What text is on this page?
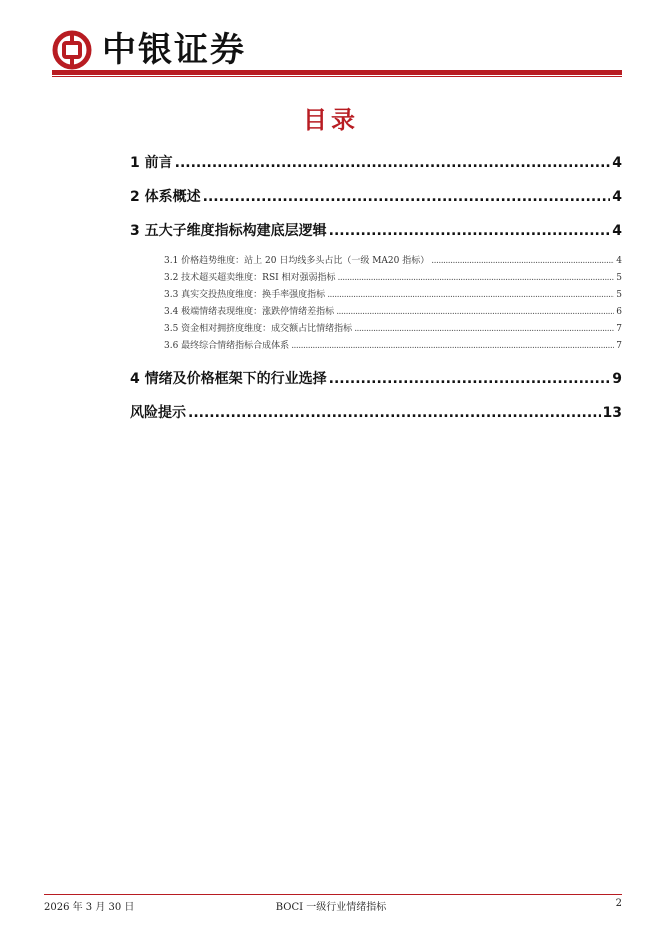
中银证券
目录
1 前言 .....	4
2 体系概述 .....	4
3 五大子维度指标构建底层逻辑 .....	4
3.1 价格趋势维度：站上 20 日均线多头占比（一级 MA20 指标） .....	4
3.2 技术超买超卖维度：RSI 相对强弱指标 .....	5
3.3 真实交投热度维度：换手率强度指标 .....	5
3.4 极端情绪表现维度：涨跌停情绪差指标 .....	6
3.5 资金相对拥挤度维度：成交额占比情绪指标 .....	7
3.6 最终综合情绪指标合成体系 .....	7
4 情绪及价格框架下的行业选择 .....	9
风险提示 .....	13
2026 年 3 月 30 日	BOCI 一级行业情绪指标	2
